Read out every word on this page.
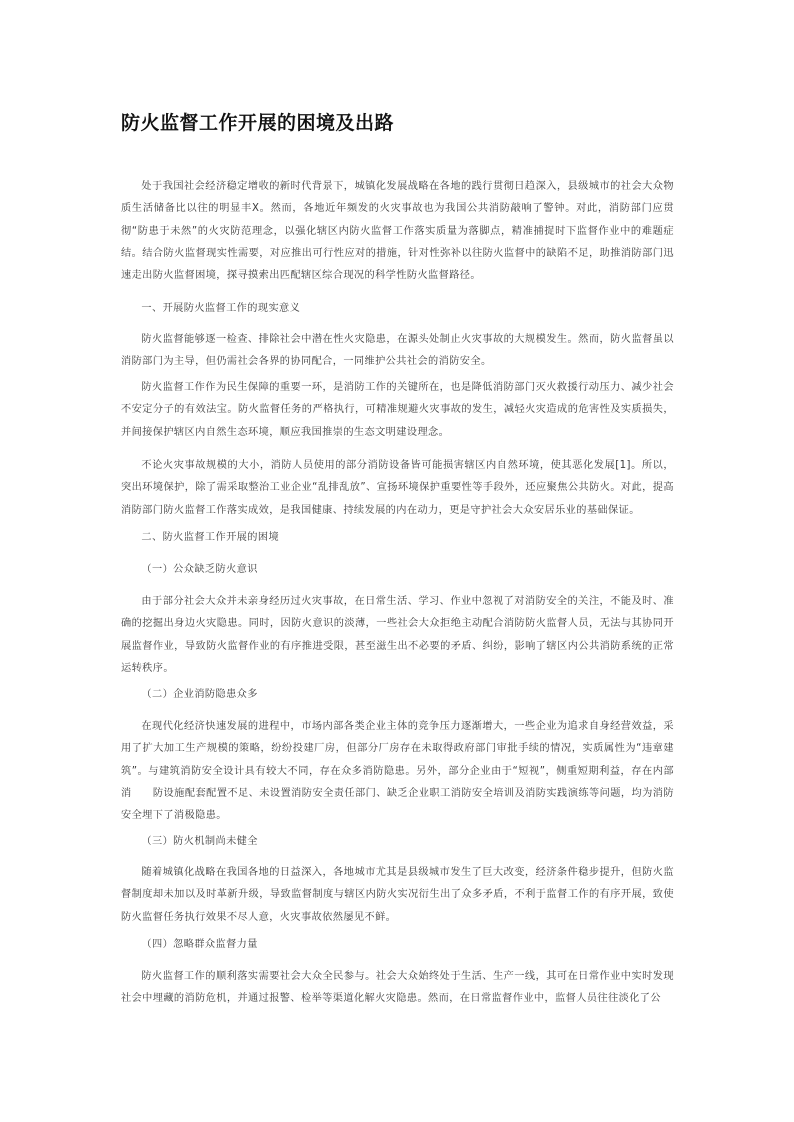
防火监督工作开展的困境及出路
处于我国社会经济稳定增收的新时代背景下，城镇化发展战略在各地的践行贯彻日趋深入，县级城市的社会大众物质生活储备比以往的明显丰X。然而，各地近年频发的火灾事故也为我国公共消防敲响了警钟。对此，消防部门应贯彻“防患于未然”的火灾防范理念，以强化辖区内防火监督工作落实质量为落脚点，精准捕捉时下监督作业中的难题症结。结合防火监督现实性需要，对应推出可行性应对的措施，针对性弥补以往防火监督中的缺陷不足，助推消防部门迅速走出防火监督困境，探寻摸索出匹配辖区综合现况的科学性防火监督路径。
一、开展防火监督工作的现实意义
防火监督能够逐一检查、排除社会中潜在性火灾隐患，在源头处制止火灾事故的大规模发生。然而，防火监督虽以消防部门为主导，但仍需社会各界的协同配合，一同维护公共社会的消防安全。
防火监督工作作为民生保障的重要一环，是消防工作的关键所在，也是降低消防部门灭火救援行动压力、减少社会不安定分子的有效法宝。防火监督任务的严格执行，可精准规避火灾事故的发生，减轻火灾造成的危害性及实质损失， 并间接保护辖区内自然生态环境，顺应我国推崇的生态文明建设理念。
不论火灾事故规模的大小，消防人员使用的部分消防设备皆可能损害辖区内自然环境，使其恶化发展[1]。所以，突出环境保护，除了需采取整治工业企业“乱排乱放”、宣扬环境保护重要性等手段外，还应聚焦公共防火。对此，提高消防部门防火监督工作落实成效，是我国健康、持续发展的内在动力，更是守护社会大众安居乐业的基础保证。
二、防火监督工作开展的困境
（一）公众缺乏防火意识
由于部分社会大众并未亲身经历过火灾事故，在日常生活、学习、作业中忽视了对消防安全的关注，不能及时、准确的挖掘出身边火灾隐患。同时，因防火意识的淡薄，一些社会大众拒绝主动配合消防防火监督人员，无法与其协同开展监督作业，导致防火监督作业的有序推进受限，甚至滋生出不必要的矛盾、纠纷，影响了辖区内公共消防系统的正常运转秩序。
（二）企业消防隐患众多
在现代化经济快速发展的进程中，市场内部各类企业主体的竞争压力逐渐增大，一些企业为追求自身经营效益，采用了扩大加工生产规模的策略，纷纷投建厂房，但部分厂房存在未取得政府部门审批手续的情况，实质属性为“违章建筑”。与建筑消防安全设计具有较大不同，存在众多消防隐患。另外，部分企业由于“短视”，侧重短期利益，存在内部消　　防设施配套配置不足、未设置消防安全责任部门、缺乏企业职工消防安全培训及消防实践演练等问题，均为消防安全埋下了消极隐患。
（三）防火机制尚未健全
随着城镇化战略在我国各地的日益深入，各地城市尤其是县级城市发生了巨大改变，经济条件稳步提升，但防火监督制度却未加以及时革新升级，导致监督制度与辖区内防火实况衍生出了众多矛盾，不利于监督工作的有序开展，致使防火监督任务执行效果不尽人意，火灾事故依然屡见不鲜。
（四）忽略群众监督力量
防火监督工作的顺利落实需要社会大众全民参与。社会大众始终处于生活、生产一线，其可在日常作业中实时发现社会中埋藏的消防危机，并通过报警、检举等渠道化解火灾隐患。然而，在日常监督作业中，监督人员往往淡化了公
